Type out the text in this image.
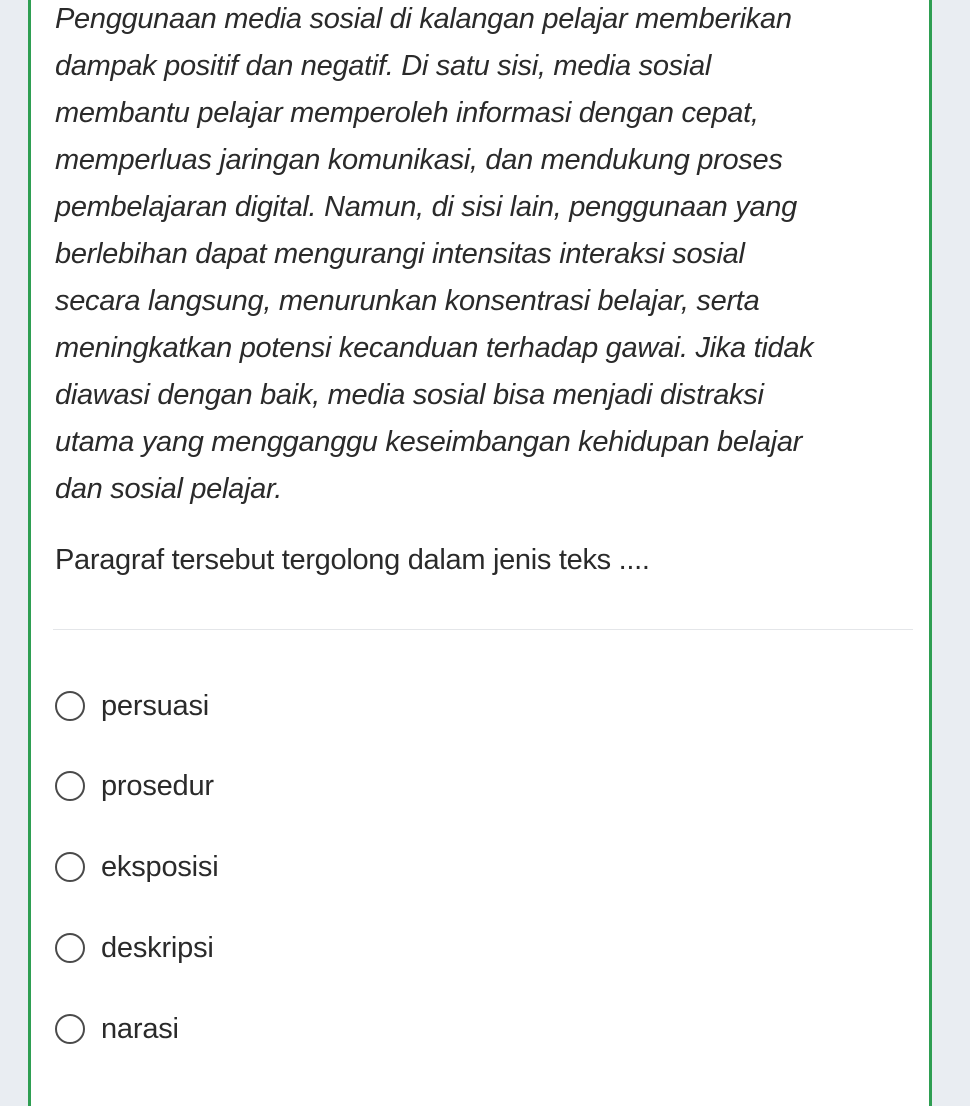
Penggunaan media sosial di kalangan pelajar memberikan
dampak positif dan negatif. Di satu sisi, media sosial
membantu pelajar memperoleh informasi dengan cepat,
memperluas jaringan komunikasi, dan mendukung proses
pembelajaran digital. Namun, di sisi lain, penggunaan yang
berlebihan dapat mengurangi intensitas interaksi sosial
secara langsung, menurunkan konsentrasi belajar, serta
meningkatkan potensi kecanduan terhadap gawai. Jika tidak
diawasi dengan baik, media sosial bisa menjadi distraksi
utama yang mengganggu keseimbangan kehidupan belajar
dan sosial pelajar.

Paragraf tersebut tergolong dalam jenis teks ....

persuasi
prosedur
eksposisi
deskripsi
narasi
